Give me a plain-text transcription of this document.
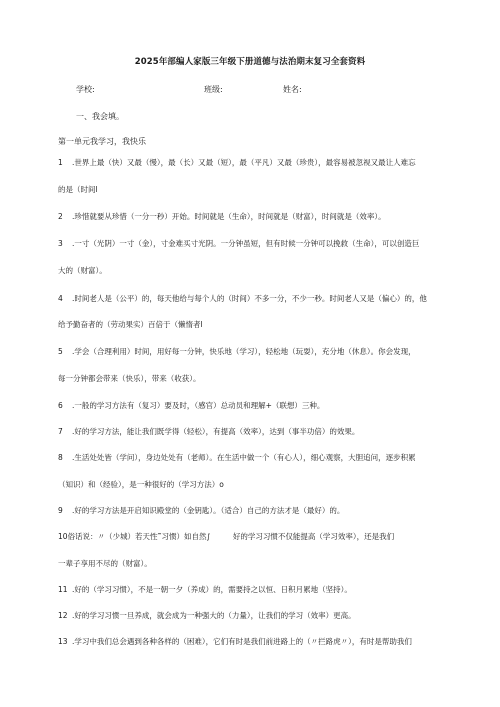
2025年部编人家版三年级下册道德与法治期末复习全套资料
学校:	班级:	姓名:
一、我会填。
第一单元我学习，我快乐
1 .世界上最（快）又最（慢），最（长）又最（短），最（平凡）又最（珍贵），最容易被忽视又最让人难忘
的是（时间l
2 .珍惜就要从珍惜（一分一秒）开始。时间就是（生命），时间就是（财富），时间就是（效率）。
3 .一寸（光阴）一寸（金），寸金难买寸光阴。一分钟虽短，但有时候一分钟可以挽救（生命），可以创造巨
大的（财富）。
4 .时间老人是（公平）的，每天他给与每个人的（时间）不多一分，不少一秒。时间老人又是（偏心）的，他
给予勤奋者的（劳动果实）百倍于（懒惰者l
5 .学会（合理利用）时间，用好每一分钟，快乐地（学习），轻松地（玩耍），充分地（休息）。你会发现，
每一分钟都会带来（快乐），带来（收获）。
6 .一般的学习方法有（复习）要及时，（感官）总动员和理解+（联想）三种。
7 .好的学习方法，能让我们既学得（轻松），有提高（效率），达到（事半功倍）的效果。
8 .生活处处皆（学问），身边处处有（老师）。在生活中做一个（有心人），细心观察，大胆追问，逐步积累
（知识）和（经验），是一种很好的（学习方法）o
9 .好的学习方法是开启知识殿堂的（金钥匙）。（适合）自己的方法才是（最好）的。
10俗话说：〃（少城）若天性‴习惯）如自然∫　　　好的学习习惯不仅能提高（学习效率），还是我们
一辈子享用不尽的（财富）。
11 .好的（学习习惯），不是一朝一夕（养成）的，需要持之以恒、日积月累地（坚持）。
12 .好的学习习惯一旦养成，就会成为一种强大的（力量），让我们的学习（效率）更高。
13 .学习中我们总会遇到各种各样的（困难），它们有时是我们前进路上的（〃拦路虎〃），有时是帮助我们
